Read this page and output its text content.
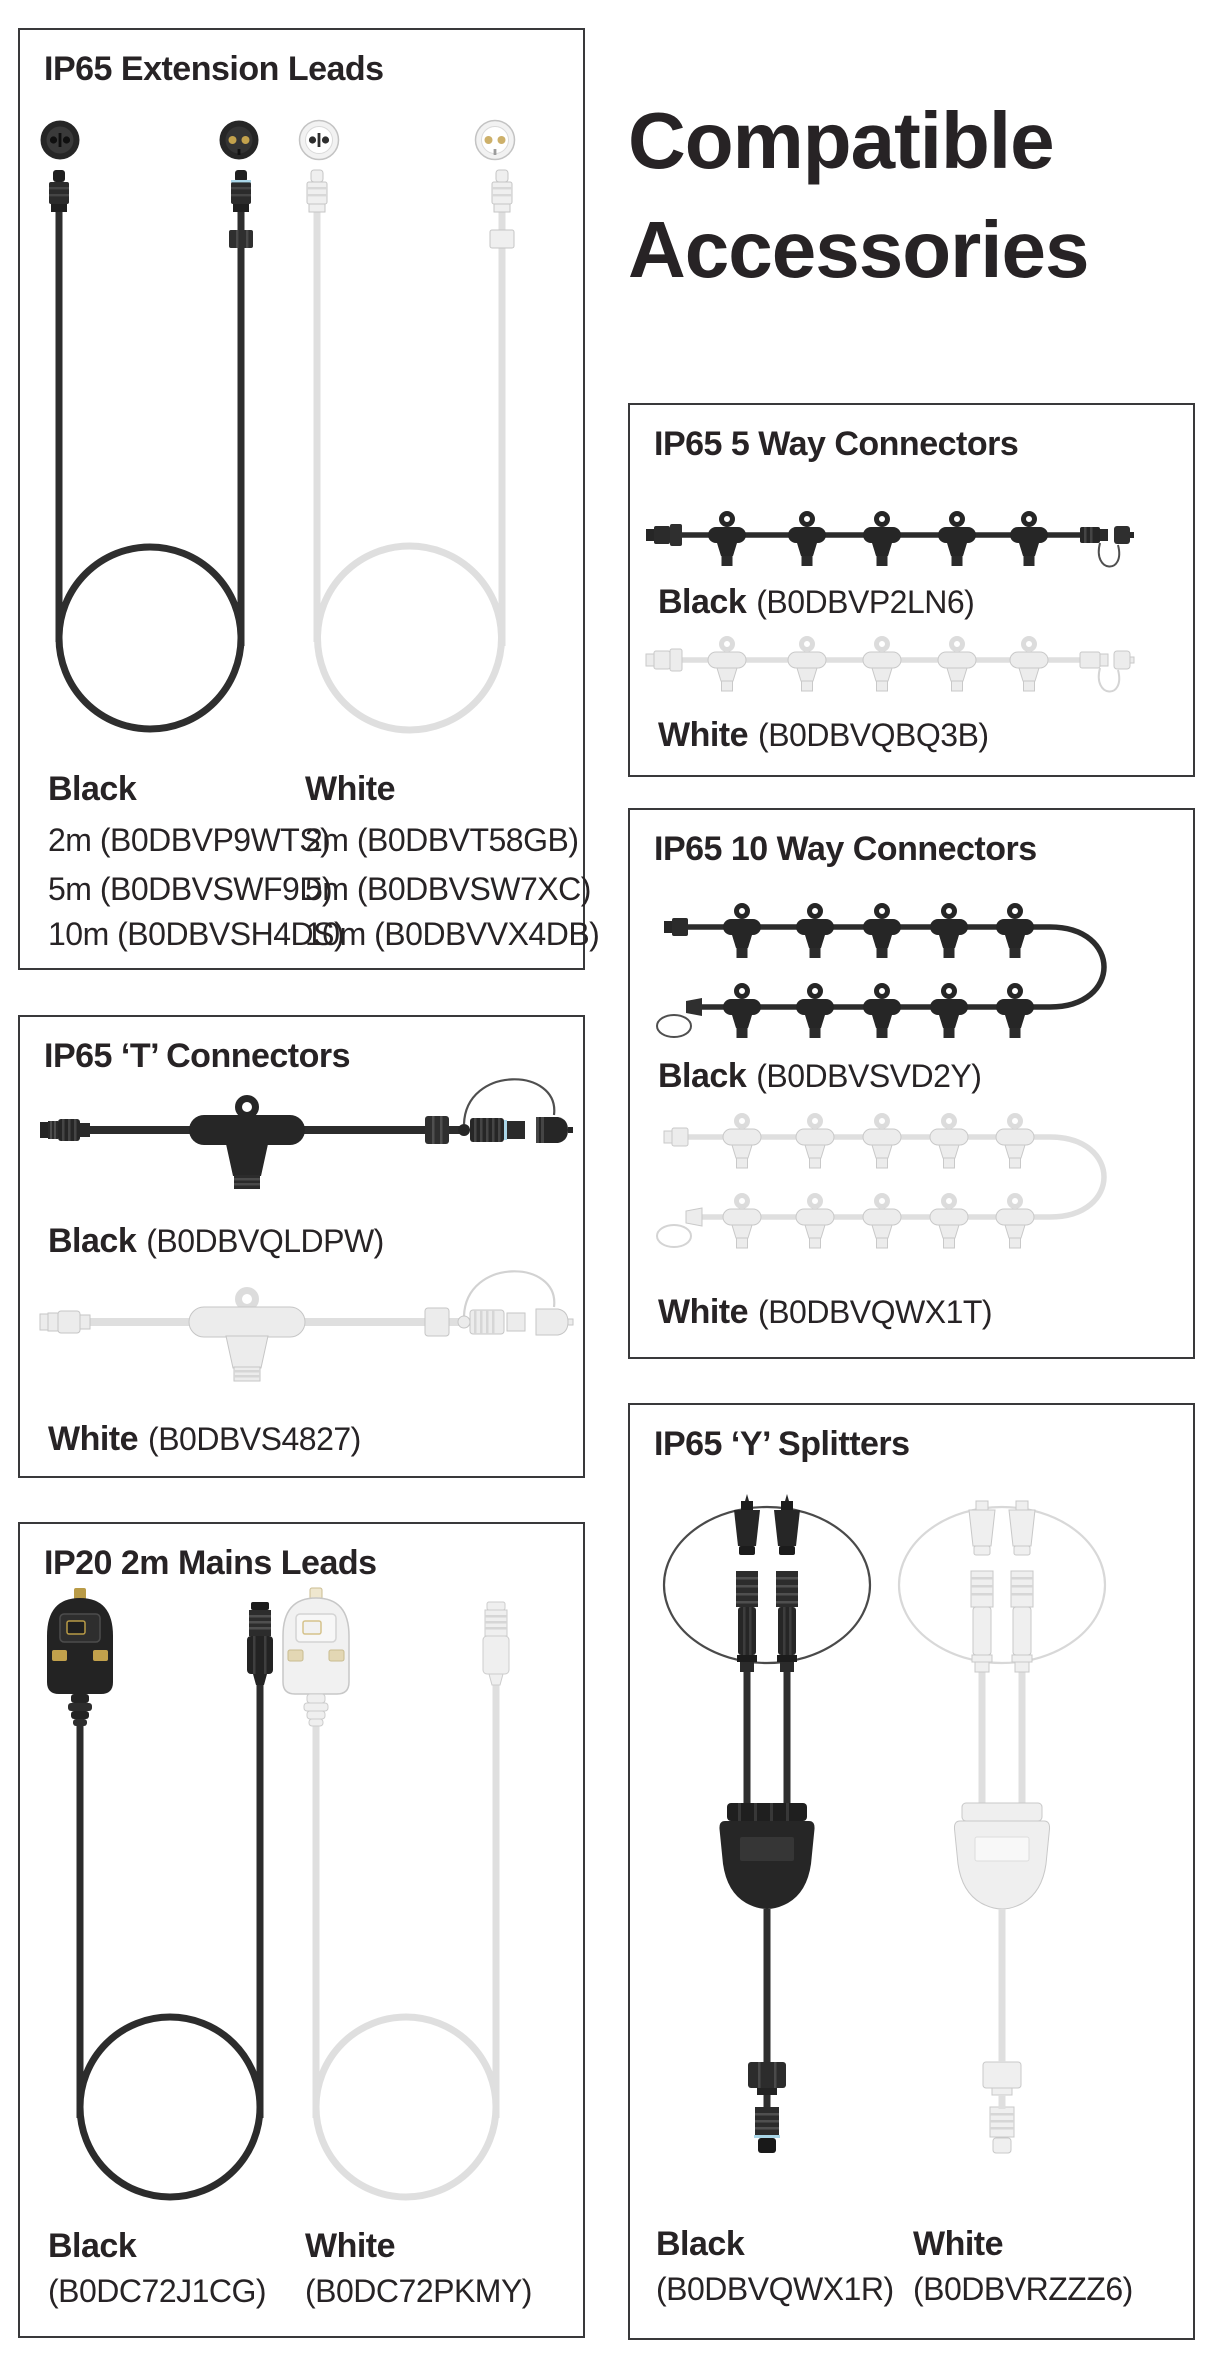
Compatible
Accessories
IP65 Extension Leads
Black	White
2m (B0DBVP9WTS)
5m (B0DBVSWF9D)
10m (B0DBVSH4DS)
2m (B0DBVT58GB)
5m (B0DBVSW7XC)
10m (B0DBVVX4DB)
IP65 ‘T’ Connectors
Black (B0DBVQLDPW)
White (B0DBVS4827)
IP20 2m Mains Leads
Black
(B0DC72J1CG)
White
(B0DC72PKMY)
IP65 5 Way Connectors
Black (B0DBVP2LN6)
White (B0DBVQBQ3B)
IP65 10 Way Connectors
Black (B0DBVSVD2Y)
White (B0DBVQWX1T)
IP65 ‘Y’ Splitters
Black
(B0DBVQWX1R)
White
(B0DBVRZZZ6)
